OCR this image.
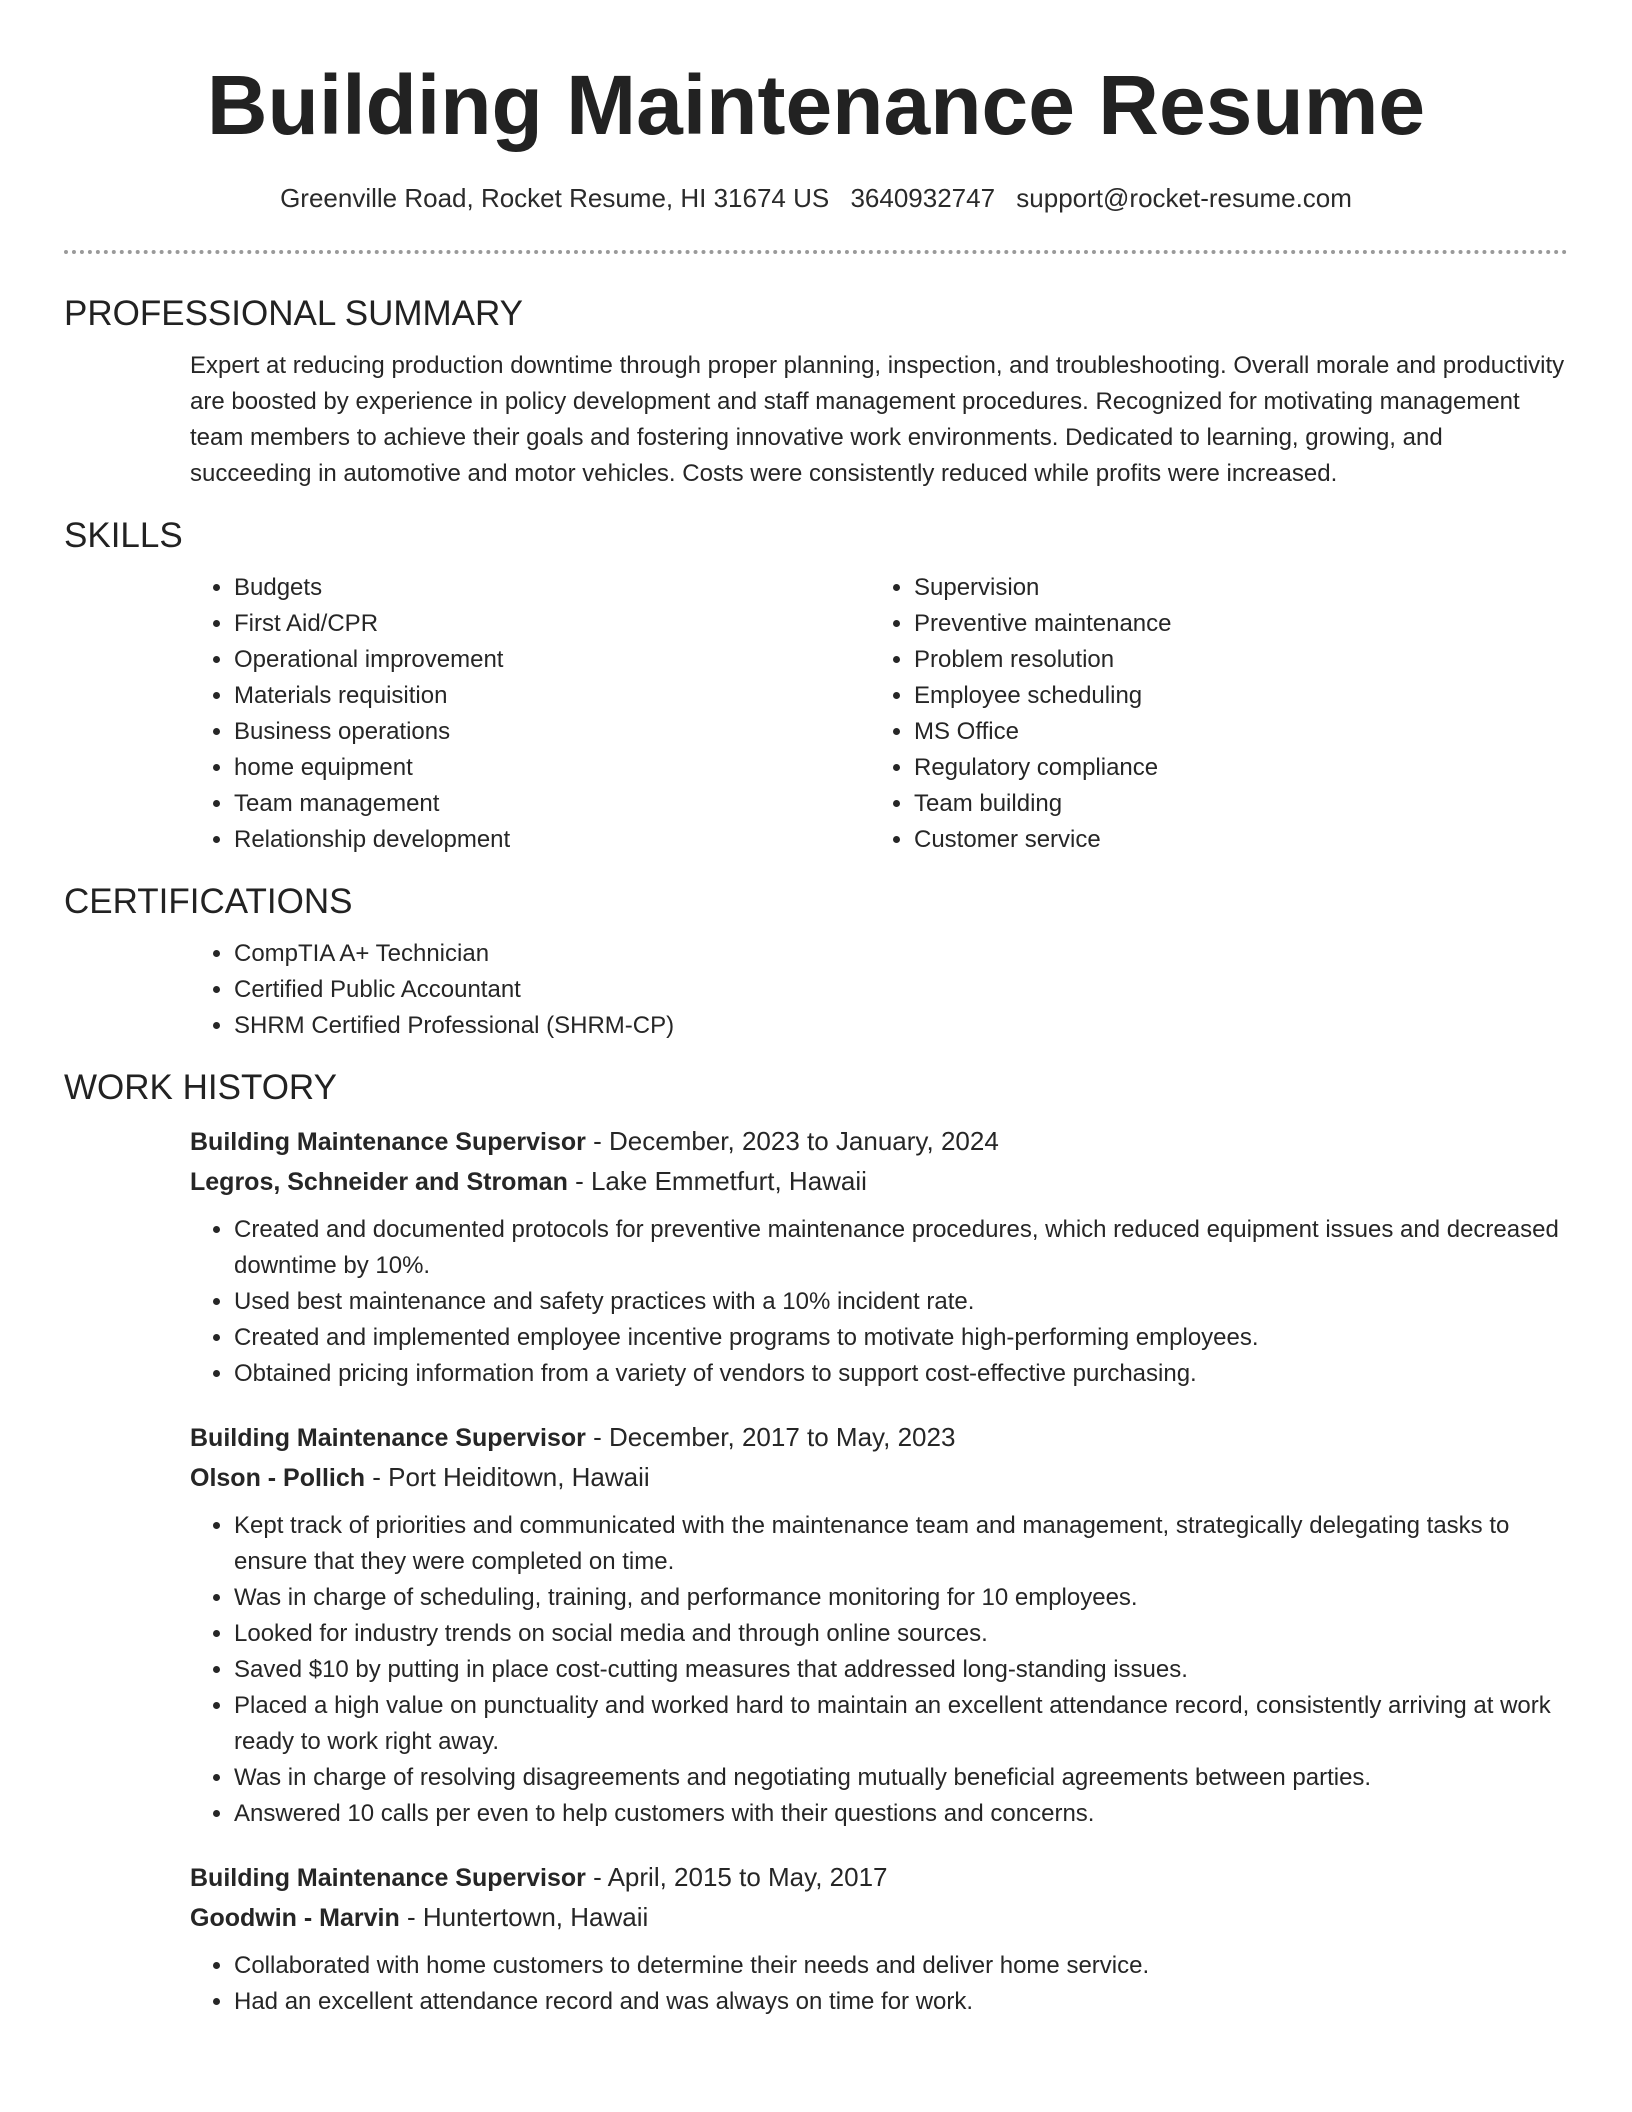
Building Maintenance Resume
Greenville Road, Rocket Resume, HI 31674 US 3640932747 support@rocket-resume.com
PROFESSIONAL SUMMARY
Expert at reducing production downtime through proper planning, inspection, and troubleshooting. Overall morale and productivity are boosted by experience in policy development and staff management procedures. Recognized for motivating management team members to achieve their goals and fostering innovative work environments. Dedicated to learning, growing, and succeeding in automotive and motor vehicles. Costs were consistently reduced while profits were increased.
SKILLS
• Budgets
• First Aid/CPR
• Operational improvement
• Materials requisition
• Business operations
• home equipment
• Team management
• Relationship development
• Supervision
• Preventive maintenance
• Problem resolution
• Employee scheduling
• MS Office
• Regulatory compliance
• Team building
• Customer service
CERTIFICATIONS
• CompTIA A+ Technician
• Certified Public Accountant
• SHRM Certified Professional (SHRM-CP)
WORK HISTORY
Building Maintenance Supervisor - December, 2023 to January, 2024
Legros, Schneider and Stroman - Lake Emmetfurt, Hawaii
• Created and documented protocols for preventive maintenance procedures, which reduced equipment issues and decreased downtime by 10%.
• Used best maintenance and safety practices with a 10% incident rate.
• Created and implemented employee incentive programs to motivate high-performing employees.
• Obtained pricing information from a variety of vendors to support cost-effective purchasing.
Building Maintenance Supervisor - December, 2017 to May, 2023
Olson - Pollich - Port Heiditown, Hawaii
• Kept track of priorities and communicated with the maintenance team and management, strategically delegating tasks to ensure that they were completed on time.
• Was in charge of scheduling, training, and performance monitoring for 10 employees.
• Looked for industry trends on social media and through online sources.
• Saved $10 by putting in place cost-cutting measures that addressed long-standing issues.
• Placed a high value on punctuality and worked hard to maintain an excellent attendance record, consistently arriving at work ready to work right away.
• Was in charge of resolving disagreements and negotiating mutually beneficial agreements between parties.
• Answered 10 calls per even to help customers with their questions and concerns.
Building Maintenance Supervisor - April, 2015 to May, 2017
Goodwin - Marvin - Huntertown, Hawaii
• Collaborated with home customers to determine their needs and deliver home service.
• Had an excellent attendance record and was always on time for work.
